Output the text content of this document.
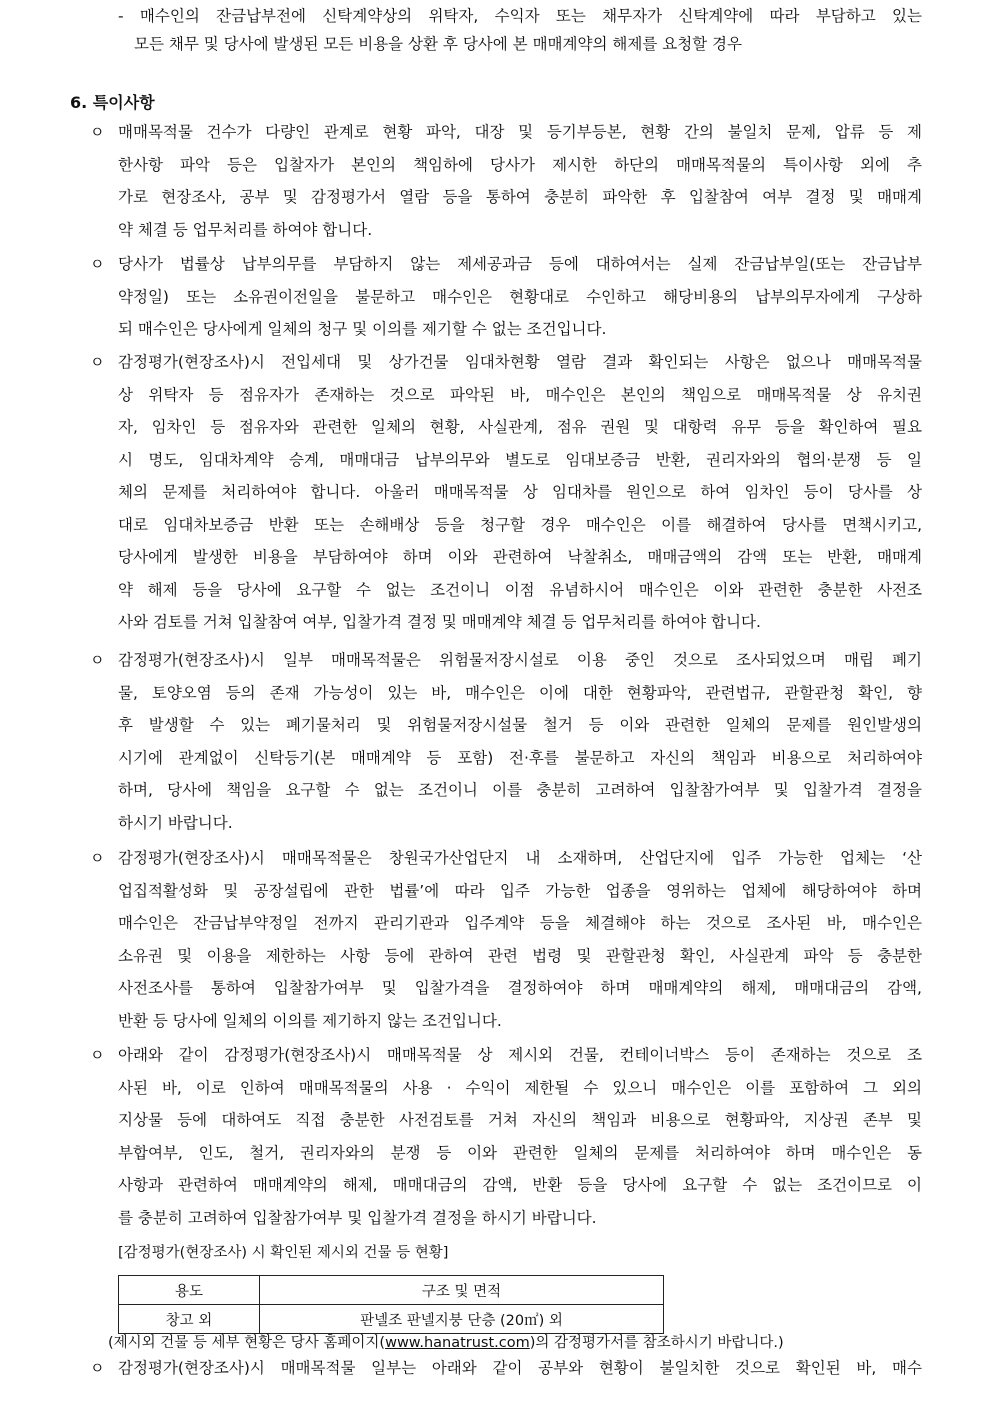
- 매수인의 잔금납부전에 신탁계약상의 위탁자, 수익자 또는 채무자가 신탁계약에 따라 부담하고 있는
모든 채무 및 당사에 발생된 모든 비용을 상환 후 당사에 본 매매계약의 해제를 요청할 경우
6. 특이사항
ㅇ 매매목적물 건수가 다량인 관계로 현황 파악, 대장 및 등기부등본, 현황 간의 불일치 문제, 압류 등 제
한사항 파악 등은 입찰자가 본인의 책임하에 당사가 제시한 하단의 매매목적물의 특이사항 외에 추
가로 현장조사, 공부 및 감정평가서 열람 등을 통하여 충분히 파악한 후 입찰참여 여부 결정 및 매매계
약 체결 등 업무처리를 하여야 합니다.
ㅇ 당사가 법률상 납부의무를 부담하지 않는 제세공과금 등에 대하여서는 실제 잔금납부일(또는 잔금납부
약정일) 또는 소유권이전일을 불문하고 매수인은 현황대로 수인하고 해당비용의 납부의무자에게 구상하
되 매수인은 당사에게 일체의 청구 및 이의를 제기할 수 없는 조건입니다.
ㅇ 감정평가(현장조사)시 전입세대 및 상가건물 임대차현황 열람 결과 확인되는 사항은 없으나 매매목적물
상 위탁자 등 점유자가 존재하는 것으로 파악된 바, 매수인은 본인의 책임으로 매매목적물 상 유치권
자, 임차인 등 점유자와 관련한 일체의 현황, 사실관계, 점유 권원 및 대항력 유무 등을 확인하여 필요
시 명도, 임대차계약 승계, 매매대금 납부의무와 별도로 임대보증금 반환, 권리자와의 협의·분쟁 등 일
체의 문제를 처리하여야 합니다. 아울러 매매목적물 상 임대차를 원인으로 하여 임차인 등이 당사를 상
대로 임대차보증금 반환 또는 손해배상 등을 청구할 경우 매수인은 이를 해결하여 당사를 면책시키고,
당사에게 발생한 비용을 부담하여야 하며 이와 관련하여 낙찰취소, 매매금액의 감액 또는 반환, 매매계
약 해제 등을 당사에 요구할 수 없는 조건이니 이점 유념하시어 매수인은 이와 관련한 충분한 사전조
사와 검토를 거쳐 입찰참여 여부, 입찰가격 결정 및 매매계약 체결 등 업무처리를 하여야 합니다.
ㅇ 감정평가(현장조사)시 일부 매매목적물은 위험물저장시설로 이용 중인 것으로 조사되었으며 매립 폐기
물, 토양오염 등의 존재 가능성이 있는 바, 매수인은 이에 대한 현황파악, 관련법규, 관할관청 확인, 향
후 발생할 수 있는 폐기물처리 및 위험물저장시설물 철거 등 이와 관련한 일체의 문제를 원인발생의
시기에 관계없이 신탁등기(본 매매계약 등 포함) 전·후를 불문하고 자신의 책임과 비용으로 처리하여야
하며, 당사에 책임을 요구할 수 없는 조건이니 이를 충분히 고려하여 입찰참가여부 및 입찰가격 결정을
하시기 바랍니다.
ㅇ 감정평가(현장조사)시 매매목적물은 창원국가산업단지 내 소재하며, 산업단지에 입주 가능한 업체는 ‘산
업집적활성화 및 공장설립에 관한 법률’에 따라 입주 가능한 업종을 영위하는 업체에 해당하여야 하며
매수인은 잔금납부약정일 전까지 관리기관과 입주계약 등을 체결해야 하는 것으로 조사된 바, 매수인은
소유권 및 이용을 제한하는 사항 등에 관하여 관련 법령 및 관할관청 확인, 사실관계 파악 등 충분한
사전조사를 통하여 입찰참가여부 및 입찰가격을 결정하여야 하며 매매계약의 해제, 매매대금의 감액,
반환 등 당사에 일체의 이의를 제기하지 않는 조건입니다.
ㅇ 아래와 같이 감정평가(현장조사)시 매매목적물 상 제시외 건물, 컨테이너박스 등이 존재하는 것으로 조
사된 바, 이로 인하여 매매목적물의 사용 · 수익이 제한될 수 있으니 매수인은 이를 포함하여 그 외의
지상물 등에 대하여도 직접 충분한 사전검토를 거쳐 자신의 책임과 비용으로 현황파악, 지상권 존부 및
부합여부, 인도, 철거, 권리자와의 분쟁 등 이와 관련한 일체의 문제를 처리하여야 하며 매수인은 동
사항과 관련하여 매매계약의 해제, 매매대금의 감액, 반환 등을 당사에 요구할 수 없는 조건이므로 이
를 충분히 고려하여 입찰참가여부 및 입찰가격 결정을 하시기 바랍니다.
[감정평가(현장조사) 시 확인된 제시외 건물 등 현황]
용도	구조 및 면적
창고 외	판넬조 판넬지붕 단층 (20㎡) 외
(제시외 건물 등 세부 현황은 당사 홈페이지(www.hanatrust.com)의 감정평가서를 참조하시기 바랍니다.)
ㅇ 감정평가(현장조사)시 매매목적물 일부는 아래와 같이 공부와 현황이 불일치한 것으로 확인된 바, 매수
